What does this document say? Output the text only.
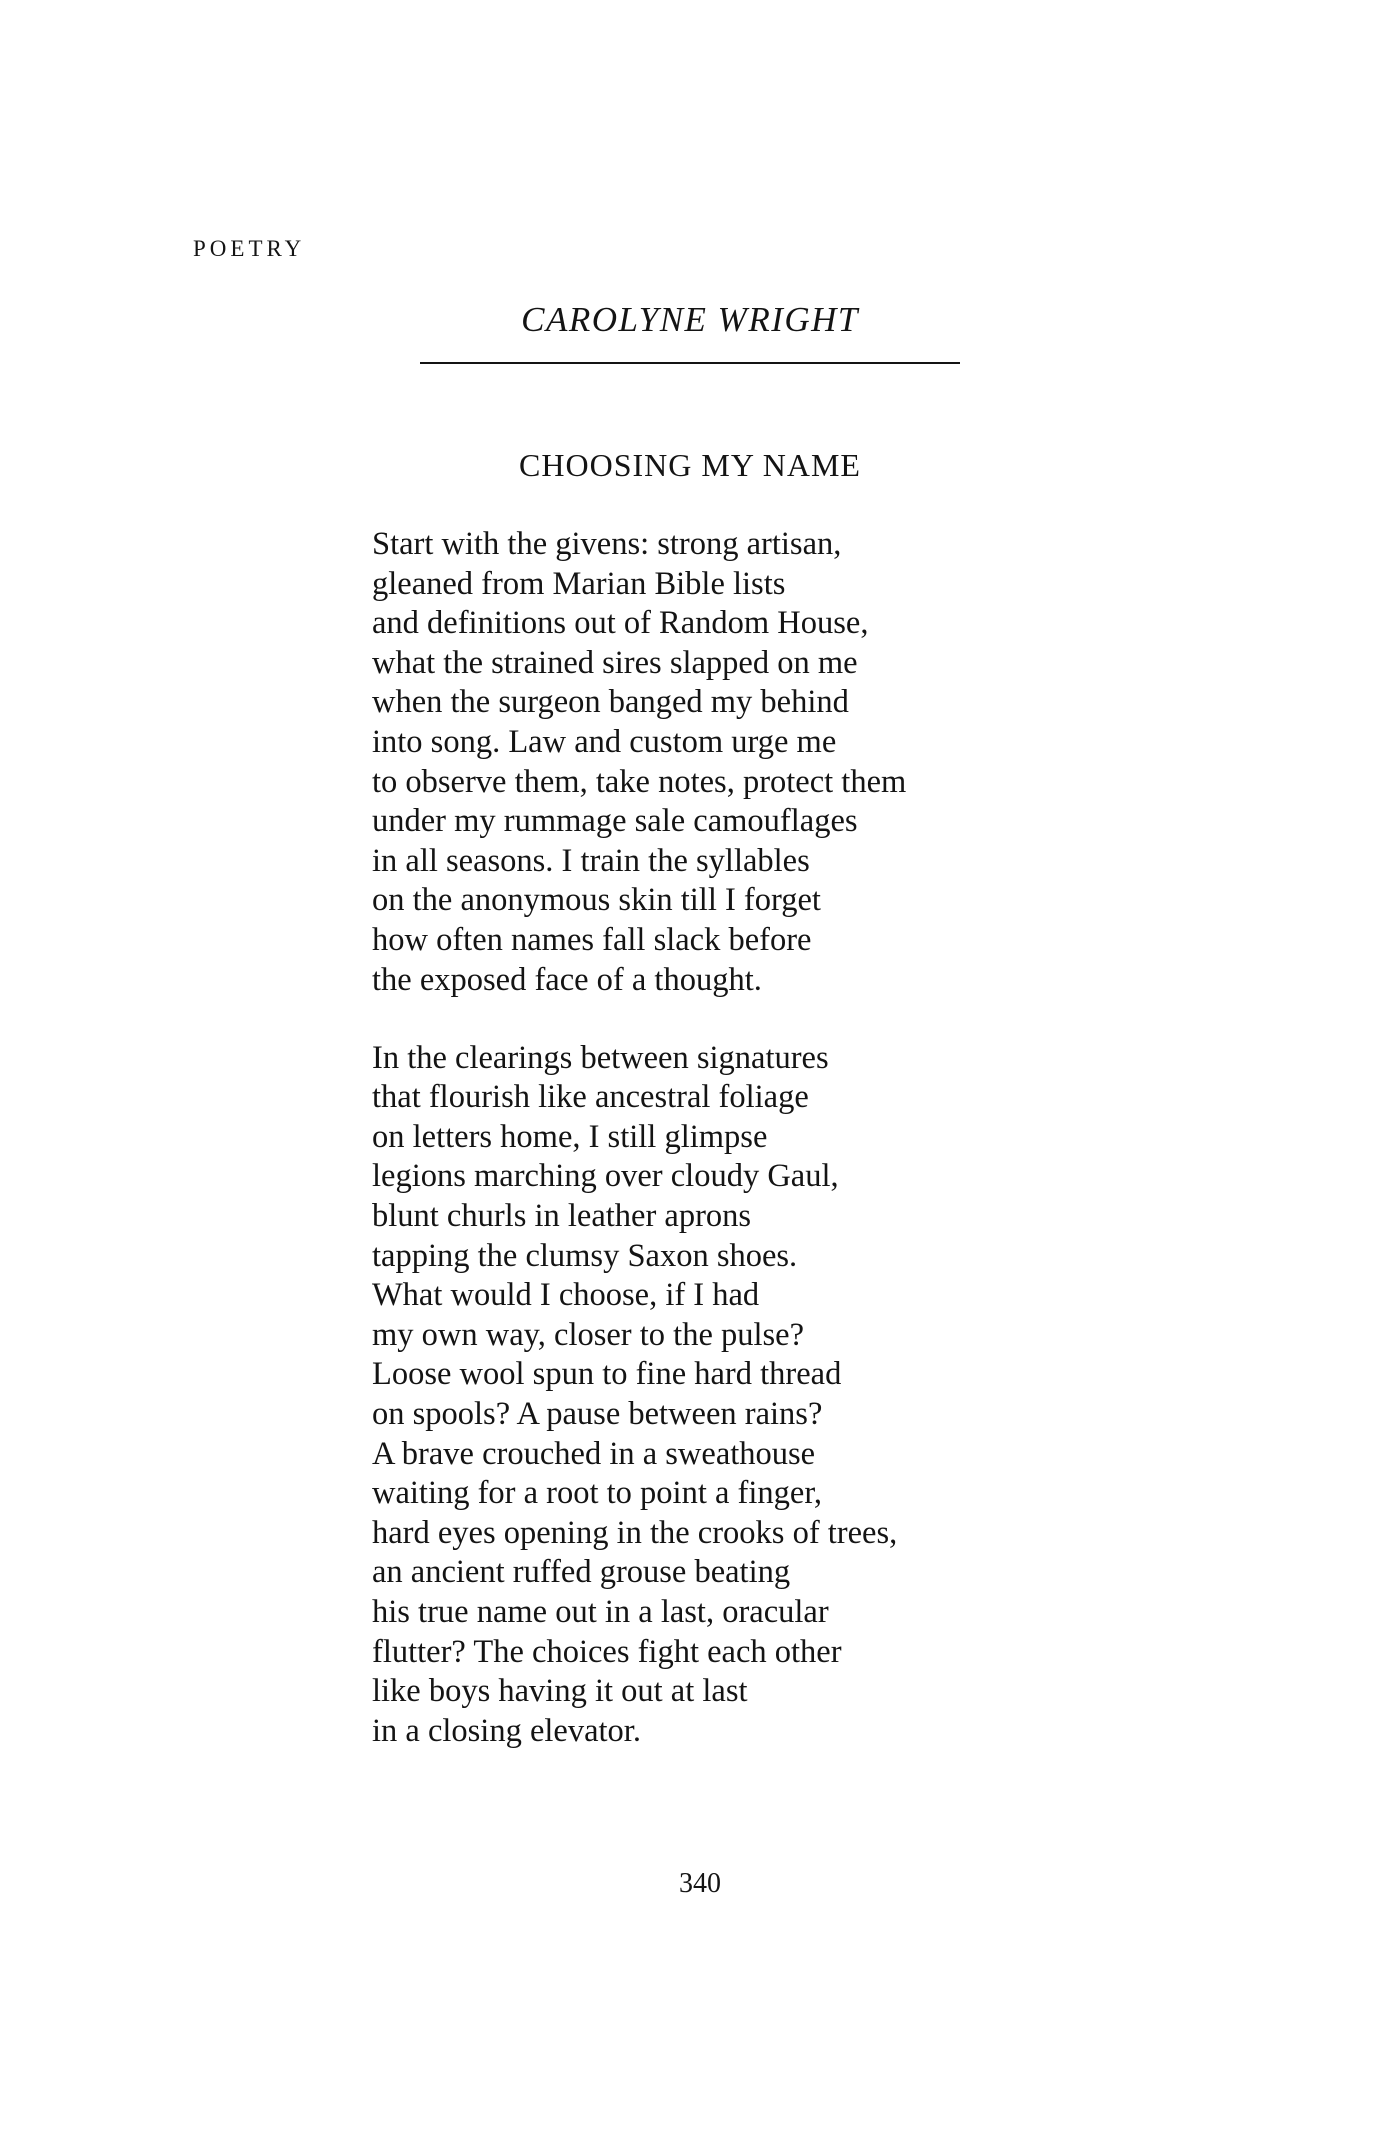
POETRY
CAROLYNE WRIGHT
CHOOSING MY NAME

Start with the givens: strong artisan,
gleaned from Marian Bible lists
and definitions out of Random House,
what the strained sires slapped on me
when the surgeon banged my behind
into song. Law and custom urge me
to observe them, take notes, protect them
under my rummage sale camouflages
in all seasons. I train the syllables
on the anonymous skin till I forget
how often names fall slack before
the exposed face of a thought.

In the clearings between signatures
that flourish like ancestral foliage
on letters home, I still glimpse
legions marching over cloudy Gaul,
blunt churls in leather aprons
tapping the clumsy Saxon shoes.
What would I choose, if I had
my own way, closer to the pulse?
Loose wool spun to fine hard thread
on spools? A pause between rains?
A brave crouched in a sweathouse
waiting for a root to point a finger,
hard eyes opening in the crooks of trees,
an ancient ruffed grouse beating
his true name out in a last, oracular
flutter? The choices fight each other
like boys having it out at last
in a closing elevator.

340
